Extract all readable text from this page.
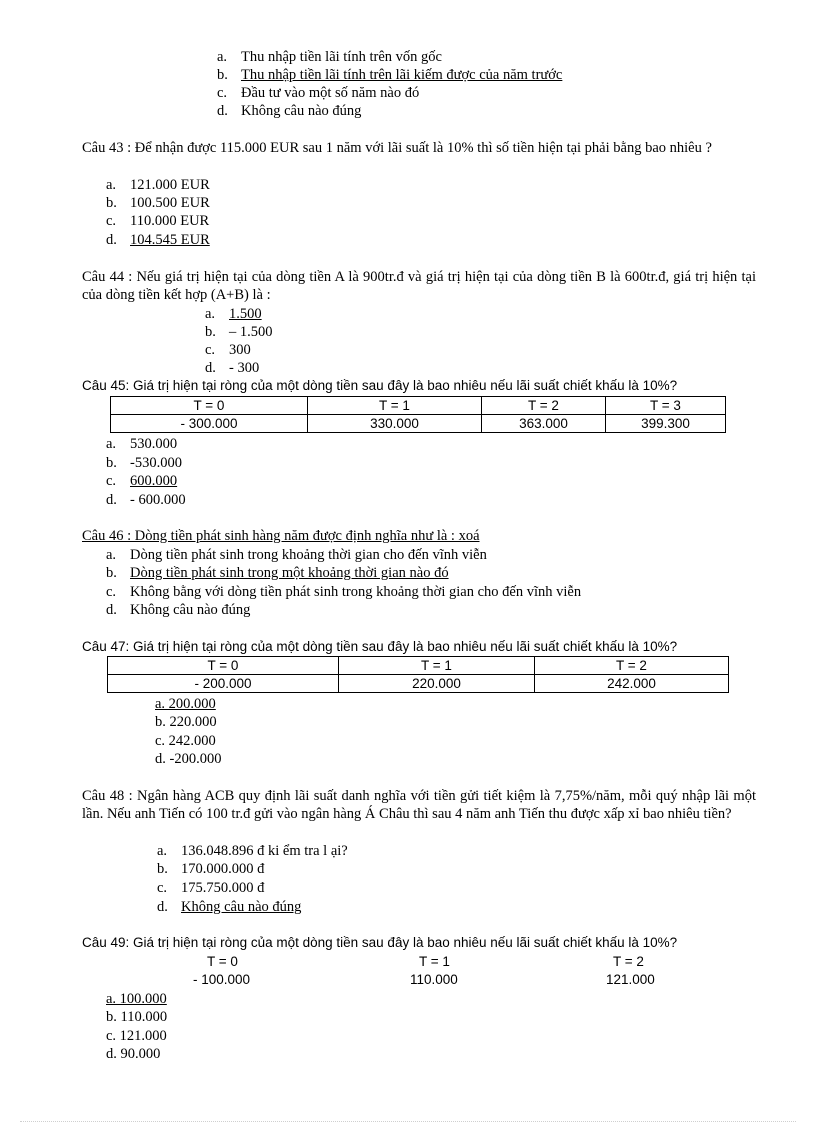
a. Thu nhập tiền lãi tính trên vốn gốc
b. Thu nhập tiền lãi tính trên lãi kiếm được của năm trước
c. Đầu tư vào một số năm nào đó
d. Không câu nào đúng
Câu 43 : Để nhận được 115.000 EUR sau 1 năm với lãi suất là 10% thì số tiền hiện tại phải bằng bao nhiêu ?
a. 121.000 EUR
b. 100.500 EUR
c. 110.000 EUR
d. 104.545 EUR
Câu 44 : Nếu giá trị hiện tại của dòng tiền A là 900tr.đ và giá trị hiện tại của dòng tiền B là 600tr.đ, giá trị hiện tại của dòng tiền kết hợp (A+B) là :
a. 1.500
b. – 1.500
c. 300
d. - 300
Câu 45: Giá trị hiện tại ròng của một dòng tiền sau đây là bao nhiêu nếu lãi suất chiết khấu là 10%?
T = 0	T = 1	T = 2	T = 3
- 300.000	330.000	363.000	399.300
a. 530.000
b. -530.000
c. 600.000
d. - 600.000
Câu 46 : Dòng tiền phát sinh hàng năm được định nghĩa như là : xoá
a. Dòng tiền phát sinh trong khoảng thời gian cho đến vĩnh viễn
b. Dòng tiền phát sinh trong một khoảng thời gian nào đó
c. Không bằng với dòng tiền phát sinh trong khoảng thời gian cho đến vĩnh viễn
d. Không câu nào đúng
Câu 47: Giá trị hiện tại ròng của một dòng tiền sau đây là bao nhiêu nếu lãi suất chiết khấu là 10%?
T = 0	T = 1	T = 2
- 200.000	220.000	242.000
a. 200.000
b. 220.000
c. 242.000
d. -200.000
Câu 48 : Ngân hàng ACB quy định lãi suất danh nghĩa với tiền gửi tiết kiệm là 7,75%/năm, mỗi quý nhập lãi một lần. Nếu anh Tiến có 100 tr.đ gửi vào ngân hàng Á Châu thì sau 4 năm anh Tiến thu được xấp xỉ bao nhiêu tiền?
a. 136.048.896 đ ki ểm tra l ại?
b. 170.000.000 đ
c. 175.750.000 đ
d. Không câu nào đúng
Câu 49: Giá trị hiện tại ròng của một dòng tiền sau đây là bao nhiêu nếu lãi suất chiết khấu là 10%?
T = 0	T = 1	T = 2
- 100.000	110.000	121.000
a. 100.000
b. 110.000
c. 121.000
d. 90.000
